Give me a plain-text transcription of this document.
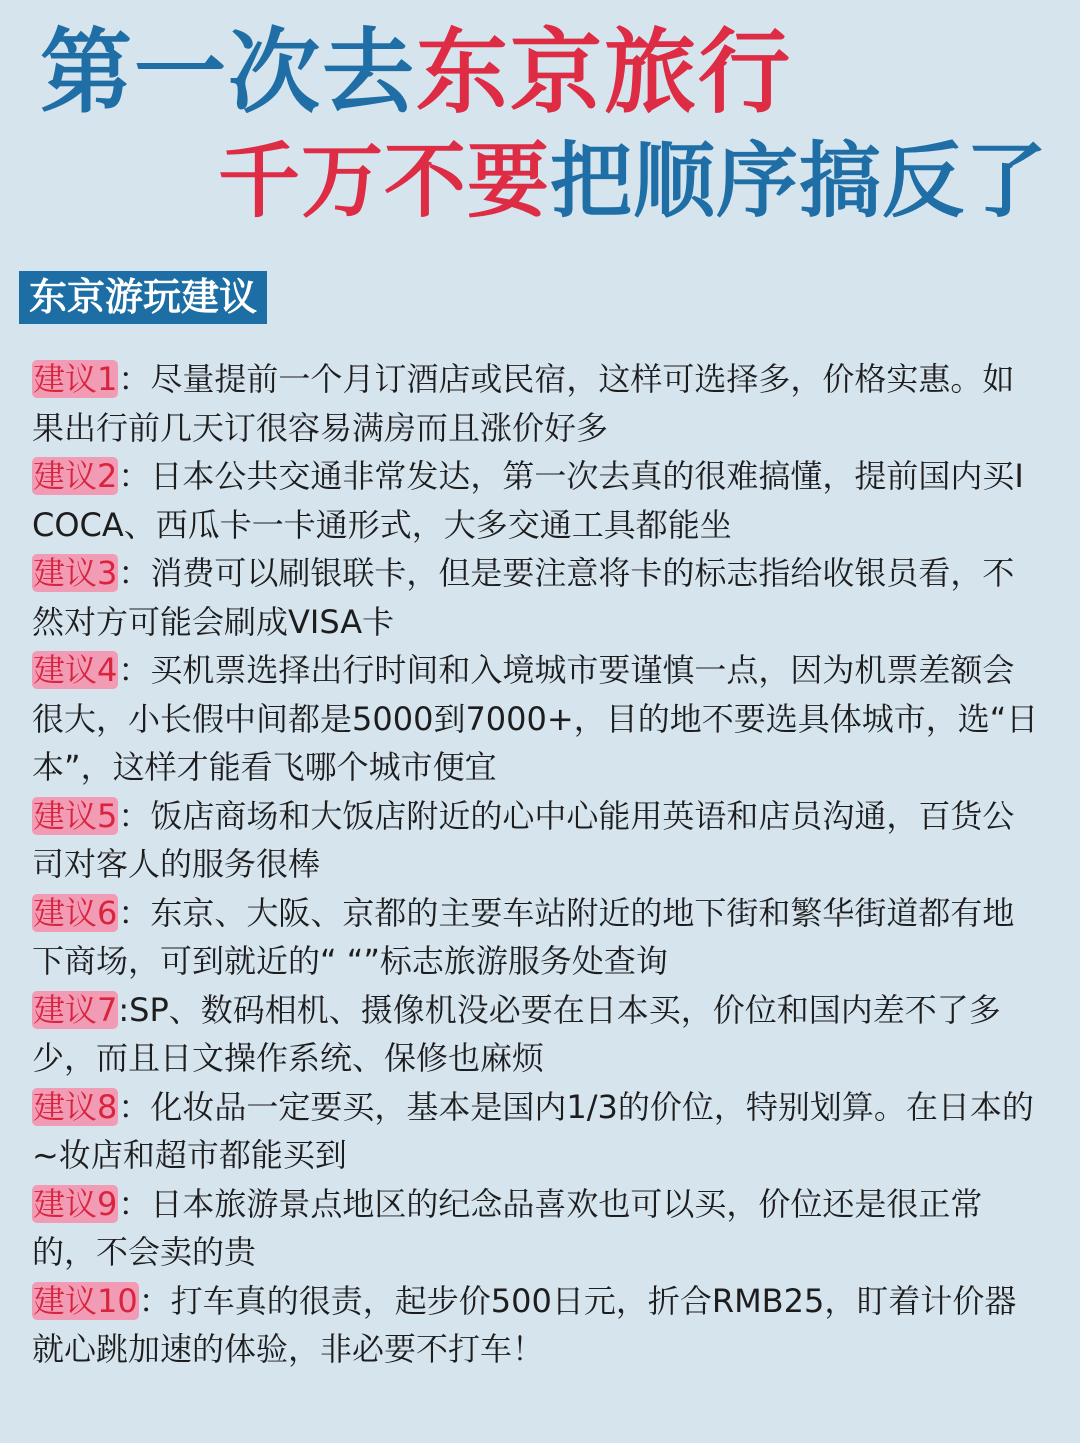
第一次去东京旅行
千万不要把顺序搞反了
东京游玩建议
建议1：尽量提前一个月订酒店或民宿，这样可选择多，价格实惠。如果出行前几天订很容易满房而且涨价好多
建议2：日本公共交通非常发达，第一次去真的很难搞懂，提前国内买ICOCA、西瓜卡一卡通形式，大多交通工具都能坐
建议3：消费可以刷银联卡，但是要注意将卡的标志指给收银员看，不然对方可能会刷成VISA卡
建议4：买机票选择出行时间和入境城市要谨慎一点，因为机票差额会很大，小长假中间都是5000到7000+，目的地不要选具体城市，选“日本”，这样才能看飞哪个城市便宜
建议5：饭店商场和大饭店附近的心中心能用英语和店员沟通，百货公司对客人的服务很棒
建议6：东京、大阪、京都的主要车站附近的地下街和繁华街道都有地下商场，可到就近的“ “”标志旅游服务处查询
建议7:SP、数码相机、摄像机没必要在日本买，价位和国内差不了多少，而且日文操作系统、保修也麻烦
建议8：化妆品一定要买，基本是国内1/3的价位，特别划算。在日本的~妆店和超市都能买到
建议9：日本旅游景点地区的纪念品喜欢也可以买，价位还是很正常的，不会卖的贵
建议10：打车真的很责，起步价500日元，折合RMB25，盯着计价器就心跳加速的体验，非必要不打车！
